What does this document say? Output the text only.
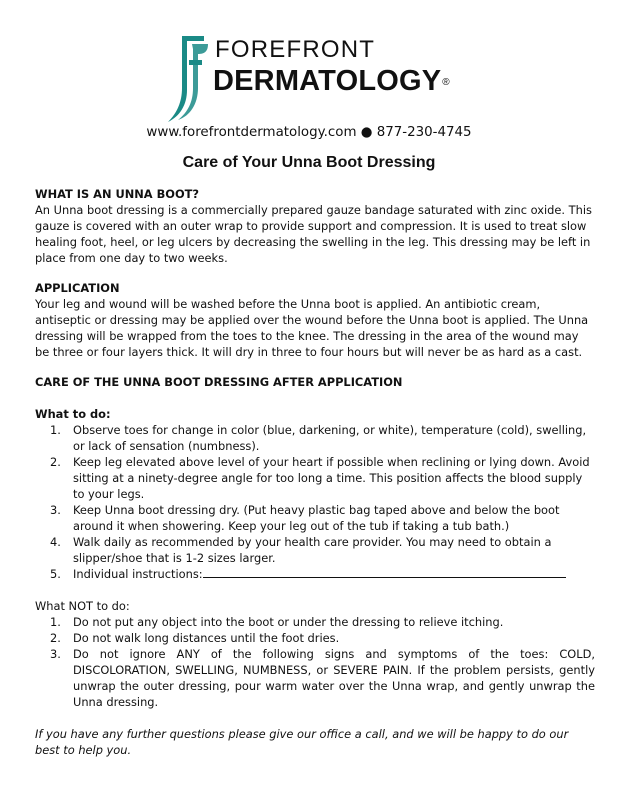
FOREFRONT
DERMATOLOGY®
www.forefrontdermatology.com ● 877-230-4745
Care of Your Unna Boot Dressing

WHAT IS AN UNNA BOOT?

An Unna boot dressing is a commercially prepared gauze bandage saturated with zinc oxide. This gauze is covered with an outer wrap to provide support and compression. It is used to treat slow healing foot, heel, or leg ulcers by decreasing the swelling in the leg. This dressing may be left in place from one day to two weeks.

APPLICATION

Your leg and wound will be washed before the Unna boot is applied. An antibiotic cream, antiseptic or dressing may be applied over the wound before the Unna boot is applied. The Unna dressing will be wrapped from the toes to the knee. The dressing in the area of the wound may be three or four layers thick. It will dry in three to four hours but will never be as hard as a cast.

CARE OF THE UNNA BOOT DRESSING AFTER APPLICATION

What to do:

1. Observe toes for change in color (blue, darkening, or white), temperature (cold), swelling, or lack of sensation (numbness).
2. Keep leg elevated above level of your heart if possible when reclining or lying down. Avoid sitting at a ninety-degree angle for too long a time. This position affects the blood supply to your legs.
3. Keep Unna boot dressing dry. (Put heavy plastic bag taped above and below the boot around it when showering. Keep your leg out of the tub if taking a tub bath.)
4. Walk daily as recommended by your health care provider. You may need to obtain a slipper/shoe that is 1-2 sizes larger.
5. Individual instructions:

What NOT to do:

1. Do not put any object into the boot or under the dressing to relieve itching.
2. Do not walk long distances until the foot dries.
3. Do not ignore ANY of the following signs and symptoms of the toes: COLD, DISCOLORATION, SWELLING, NUMBNESS, or SEVERE PAIN. If the problem persists, gently unwrap the outer dressing, pour warm water over the Unna wrap, and gently unwrap the Unna dressing.

If you have any further questions please give our office a call, and we will be happy to do our best to help you.
